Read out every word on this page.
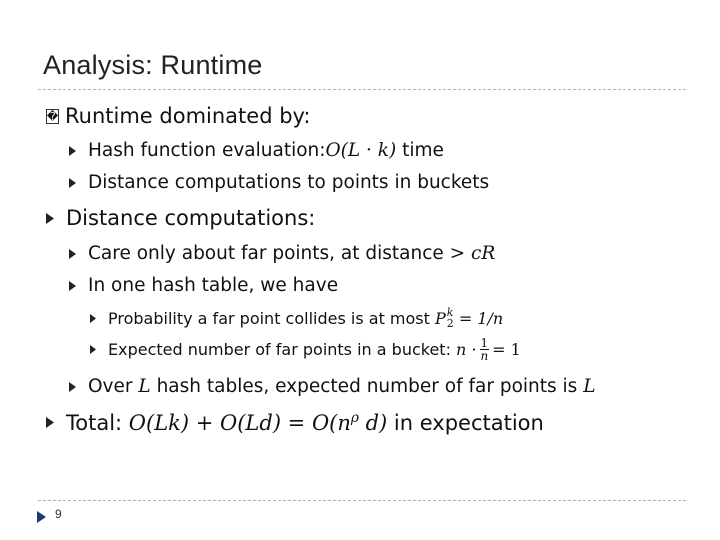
Analysis: Runtime
� Runtime dominated by:
Hash function evaluation: O(L · k) time
Distance computations to points in buckets
Distance computations:
Care only about far points, at distance > cR
In one hash table, we have
Probability a far point collides is at most P k
2 = 1/n
Expected number of far points in a bucket: $n \cdot \frac{1}{n} = 1$
Over L hash tables, expected number of far points is L
Total: $O(Lk) + O(Ld) = O(n^\rho$ d) in expectation
9
